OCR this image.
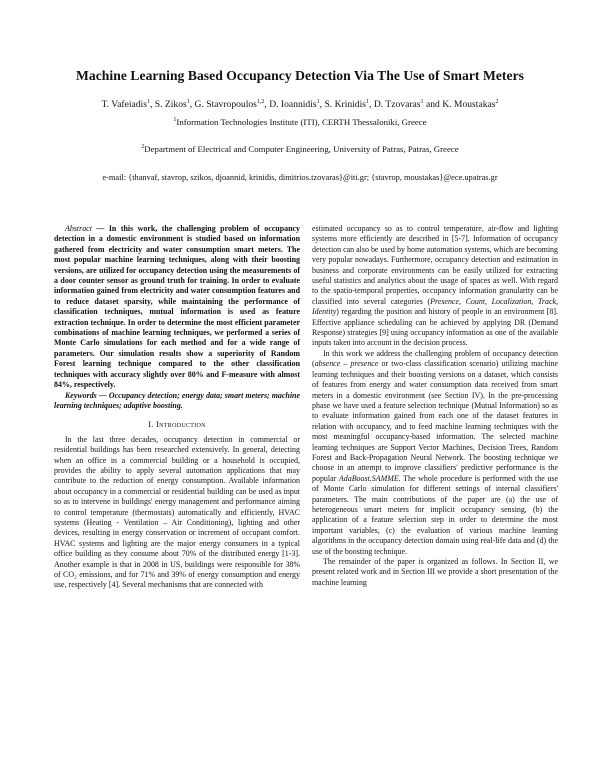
Machine Learning Based Occupancy Detection Via The Use of Smart Meters
T. Vafeiadis$^1$, S. Zikos$^1$, G. Stavropoulos$^{1,2}$, D. Ioannidis$^1$, S. Krinidis$^1$, D. Tzovaras$^1$ and K. Moustakas$^2$
$^1$Information Technologies Institute (ITI), CERTH Thessaloniki, Greece
$^2$Department of Electrical and Computer Engineering, University of Patras, Patras, Greece
e-mail: {thanvaf, stavrop, szikos, djoannid, krinidis, dimitrios.tzovaras}@iti.gr; {stavrop, moustakas}@ece.upatras.gr

Abstract — In this work, the challenging problem of occupancy detection in a domestic environment is studied based on information gathered from electricity and water consumption smart meters. The most popular machine learning techniques, along with their boosting versions, are utilized for occupancy detection using the measurements of a door counter sensor as ground truth for training. In order to evaluate information gained from electricity and water consumption features and to reduce dataset sparsity, while maintaining the performance of classification techniques, mutual information is used as feature extraction technique. In order to determine the most efficient parameter combinations of machine learning techniques, we performed a series of Monte Carlo simulations for each method and for a wide range of parameters. Our simulation results show a superiority of Random Forest learning technique compared to the other classification techniques with accuracy slightly over 80% and F-measure with almost 84%, respectively.

Keywords — Occupancy detection; energy data; smart meters; machine learning techniques; adaptive boosting.

I. Introduction

In the last three decades, occupancy detection in commercial or residential buildings has been researched extensively. In general, detecting when an office in a commercial building or a household is occupied, provides the ability to apply several automation applications that may contribute to the reduction of energy consumption. Available information about occupancy in a commercial or residential building can be used as input so as to intervene in buildings' energy management and performance aiming to control temperature (thermostats) automatically and efficiently, HVAC systems (Heating - Ventilation – Air Conditioning), lighting and other devices, resulting in energy conservation or increment of occupant comfort. HVAC systems and lighting are the major energy consumers in a typical office building as they consume about 70% of the distributed energy [1-3]. Another example is that in 2008 in US, buildings were responsible for 38% of CO₂ emissions, and for 71% and 39% of energy consumption and energy use, respectively [4]. Several mechanisms that are connected with

estimated occupancy so as to control temperature, air-flow and lighting systems more efficiently are described in [5-7]. Information of occupancy detection can also be used by home automation systems, which are becoming very popular nowadays. Furthermore, occupancy detection and estimation in business and corporate environments can be easily utilized for extracting useful statistics and analytics about the usage of spaces as well. With regard to the spatio-temporal properties, occupancy information granularity can be classified into several categories (Presence, Count, Localization, Track, Identity) regarding the position and history of people in an environment [8]. Effective appliance scheduling can be achieved by applying DR (Demand Response) strategies [9] using occupancy information as one of the available inputs taken into account in the decision process.

In this work we address the challenging problem of occupancy detection (absence – presence or two-class classification scenario) utilizing machine learning techniques and their boosting versions on a dataset, which consists of features from energy and water consumption data received from smart meters in a domestic environment (see Section IV). In the pre-processing phase we have used a feature selection technique (Mutual Information) so as to evaluate information gained from each one of the dataset features in relation with occupancy, and to feed machine learning techniques with the most meaningful occupancy-based information. The selected machine learning techniques are Support Vector Machines, Decision Trees, Random Forest and Back-Propagation Neural Network. The boosting technique we choose in an attempt to improve classifiers' predictive performance is the popular AdaBoost.SAMME. The whole procedure is performed with the use of Monte Carlo simulation for different settings of internal classifiers' parameters. The main contributions of the paper are (a) the use of heterogeneous smart meters for implicit occupancy sensing, (b) the application of a feature selection step in order to determine the most important variables, (c) the evaluation of various machine learning algorithms in the occupancy detection domain using real-life data and (d) the use of the boosting technique.

The remainder of the paper is organized as follows. In Section II, we present related work and in Section III we provide a short presentation of the machine learning
